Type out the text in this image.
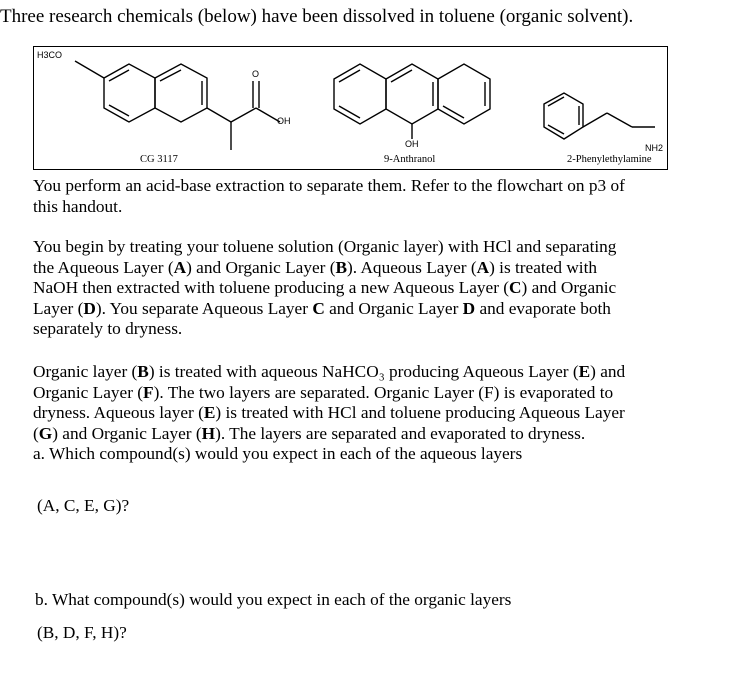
Three research chemicals (below) have been dissolved in toluene (organic solvent).
H3CO
O
OH
OH	NH2
CG 3117	9-Anthranol	2-Phenylethylamine
You perform an acid-base extraction to separate them. Refer to the flowchart on p3 of this handout.
You begin by treating your toluene solution (Organic layer) with HCl and separating the Aqueous Layer (A) and Organic Layer (B). Aqueous Layer (A) is treated with NaOH then extracted with toluene producing a new Aqueous Layer (C) and Organic Layer (D). You separate Aqueous Layer C and Organic Layer D and evaporate both separately to dryness.
Organic layer (B) is treated with aqueous NaHCO₃ producing Aqueous Layer (E) and Organic Layer (F). The two layers are separated. Organic Layer (F) is evaporated to dryness. Aqueous layer (E) is treated with HCl and toluene producing Aqueous Layer (G) and Organic Layer (H). The layers are separated and evaporated to dryness.
a. Which compound(s) would you expect in each of the aqueous layers
(A, C, E, G)?
b. What compound(s) would you expect in each of the organic layers
(B, D, F, H)?
